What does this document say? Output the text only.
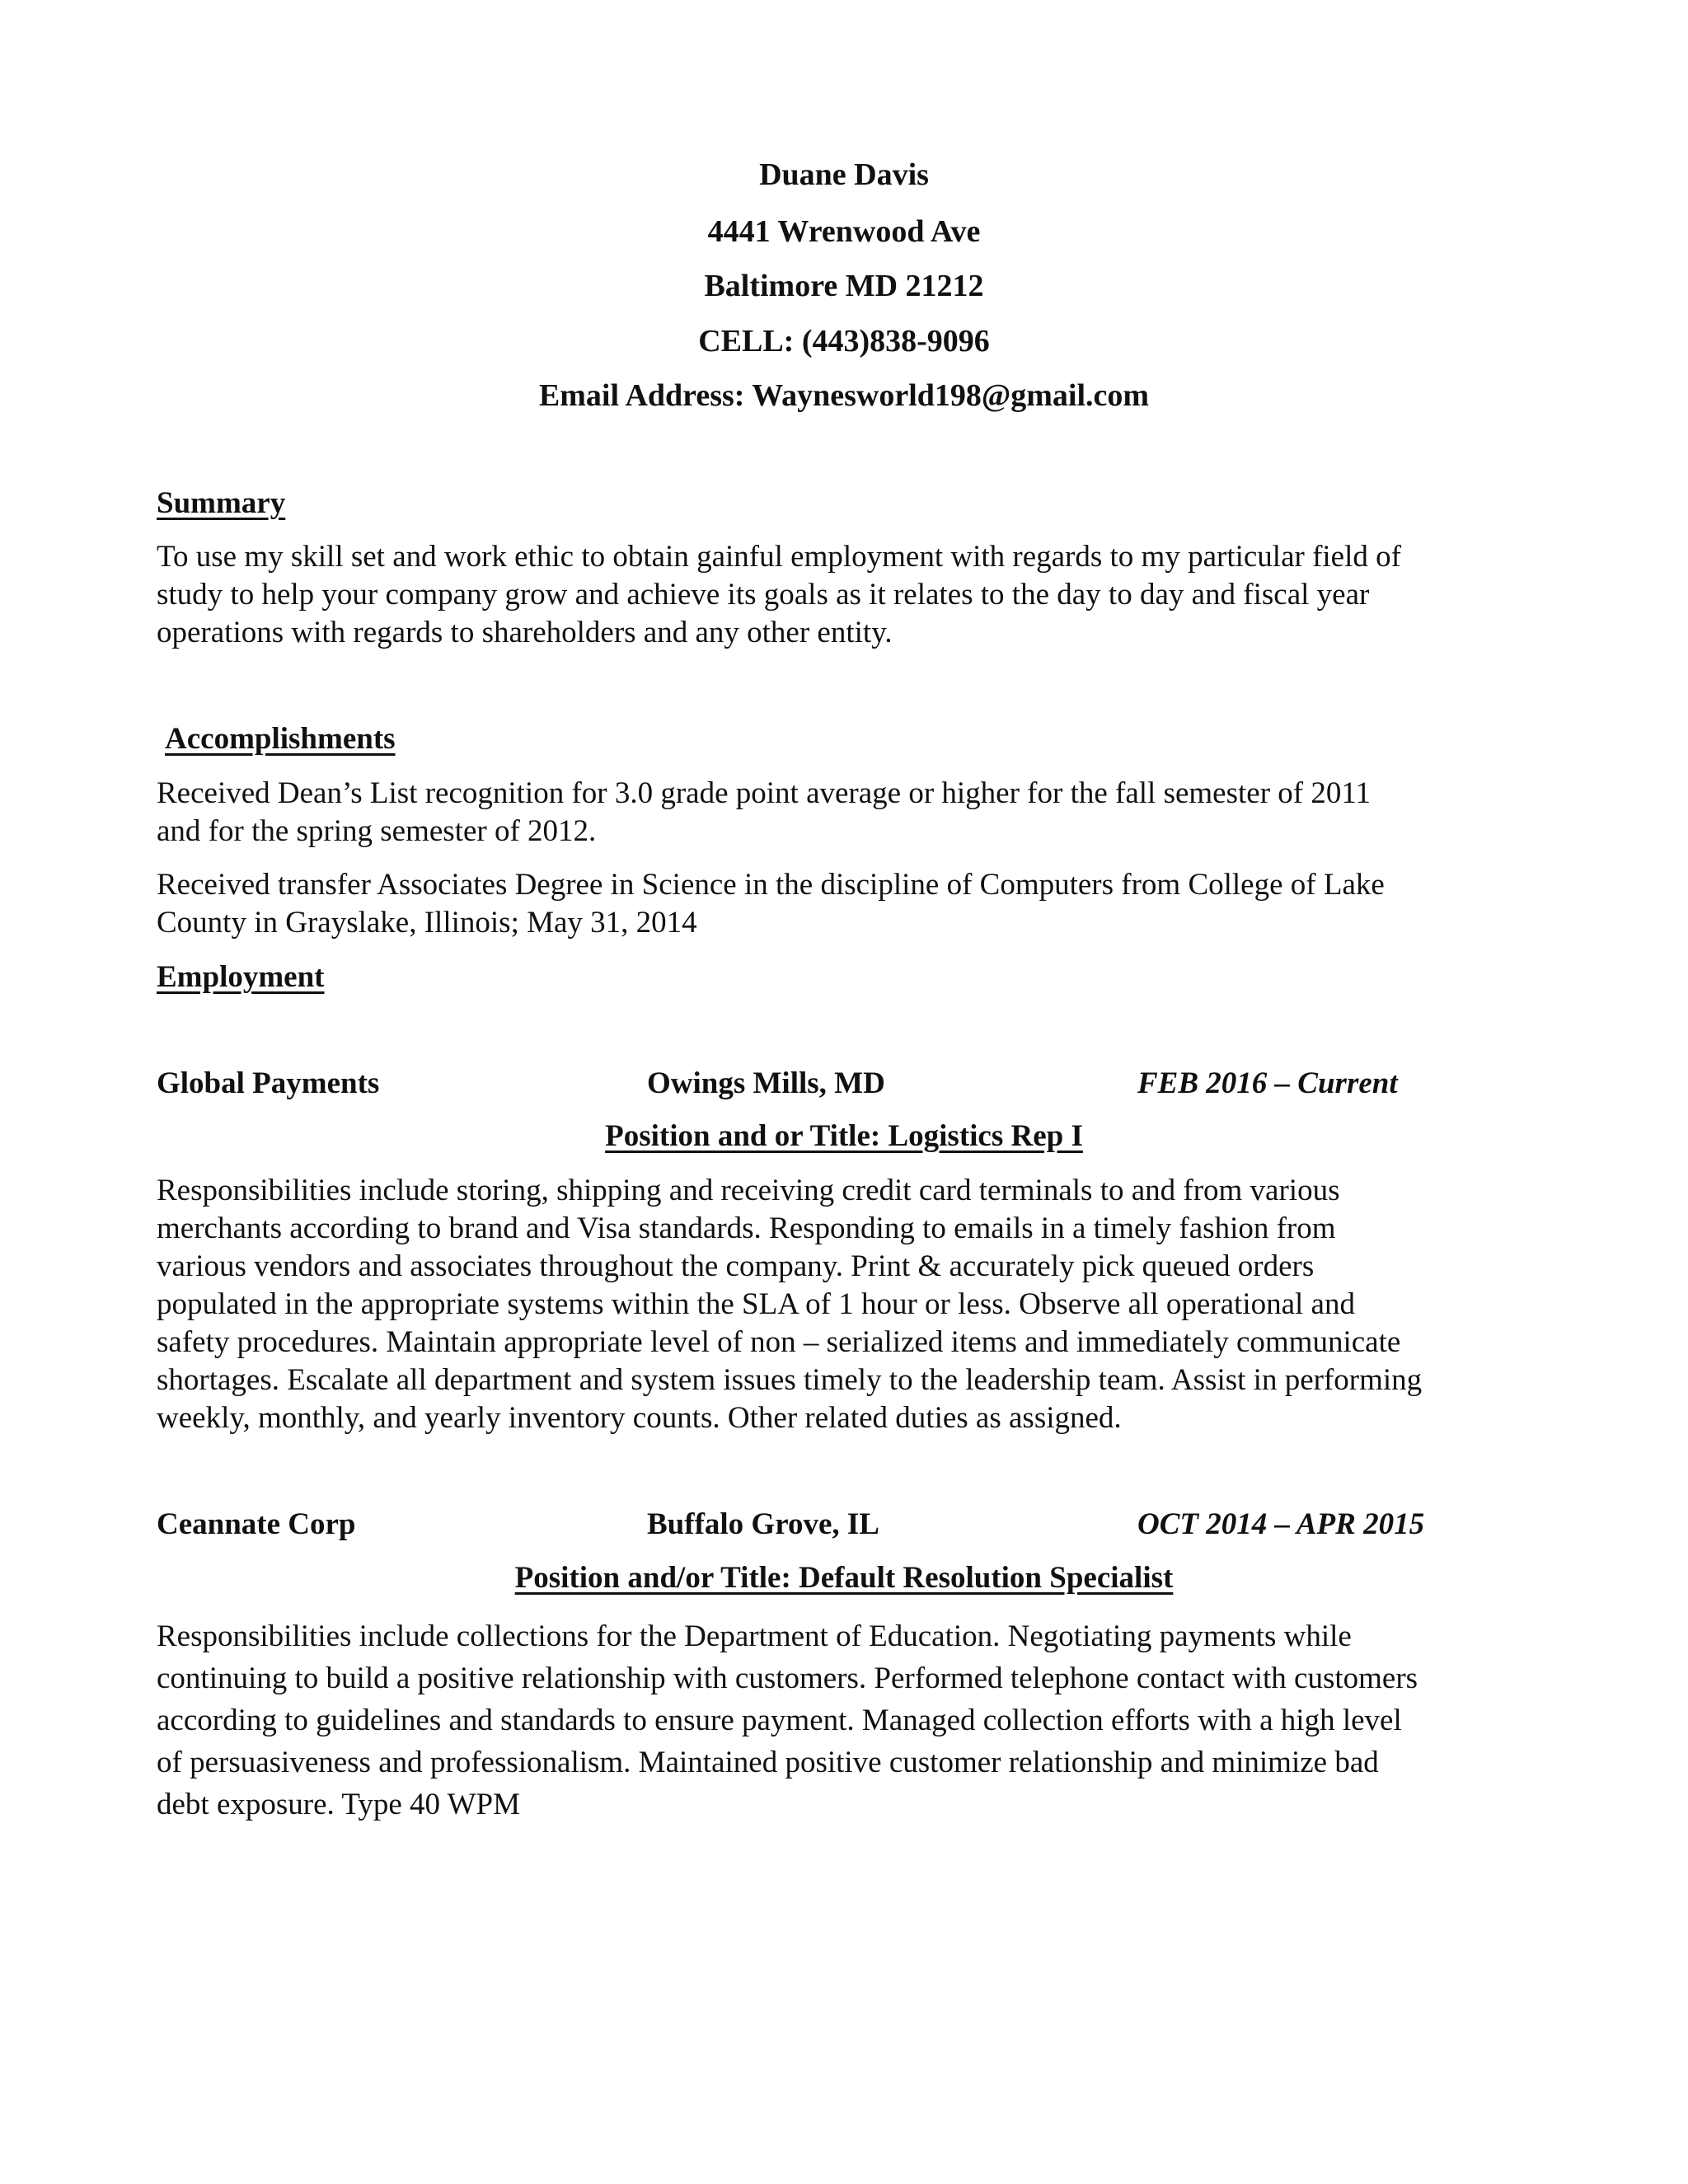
Duane Davis
4441 Wrenwood Ave
Baltimore MD 21212
CELL: (443)838-9096
Email Address: Waynesworld198@gmail.com
Summary

To use my skill set and work ethic to obtain gainful employment with regards to my particular field of
study to help your company grow and achieve its goals as it relates to the day to day and fiscal year
operations with regards to shareholders and any other entity.

Accomplishments

Received Dean’s List recognition for 3.0 grade point average or higher for the fall semester of 2011
and for the spring semester of 2012.

Received transfer Associates Degree in Science in the discipline of Computers from College of Lake
County in Grayslake, Illinois; May 31, 2014

Employment
Global Payments	Owings Mills, MD	FEB 2016 – Current
Position and or Title: Logistics Rep I

Responsibilities include storing, shipping and receiving credit card terminals to and from various
merchants according to brand and Visa standards. Responding to emails in a timely fashion from
various vendors and associates throughout the company. Print & accurately pick queued orders
populated in the appropriate systems within the SLA of 1 hour or less. Observe all operational and
safety procedures. Maintain appropriate level of non – serialized items and immediately communicate
shortages. Escalate all department and system issues timely to the leadership team. Assist in performing
weekly, monthly, and yearly inventory counts. Other related duties as assigned.

Ceannate Corp	Buffalo Grove, IL	OCT 2014 – APR 2015
Position and/or Title: Default Resolution Specialist

Responsibilities include collections for the Department of Education. Negotiating payments while
continuing to build a positive relationship with customers. Performed telephone contact with customers
according to guidelines and standards to ensure payment. Managed collection efforts with a high level
of persuasiveness and professionalism. Maintained positive customer relationship and minimize bad
debt exposure. Type 40 WPM
